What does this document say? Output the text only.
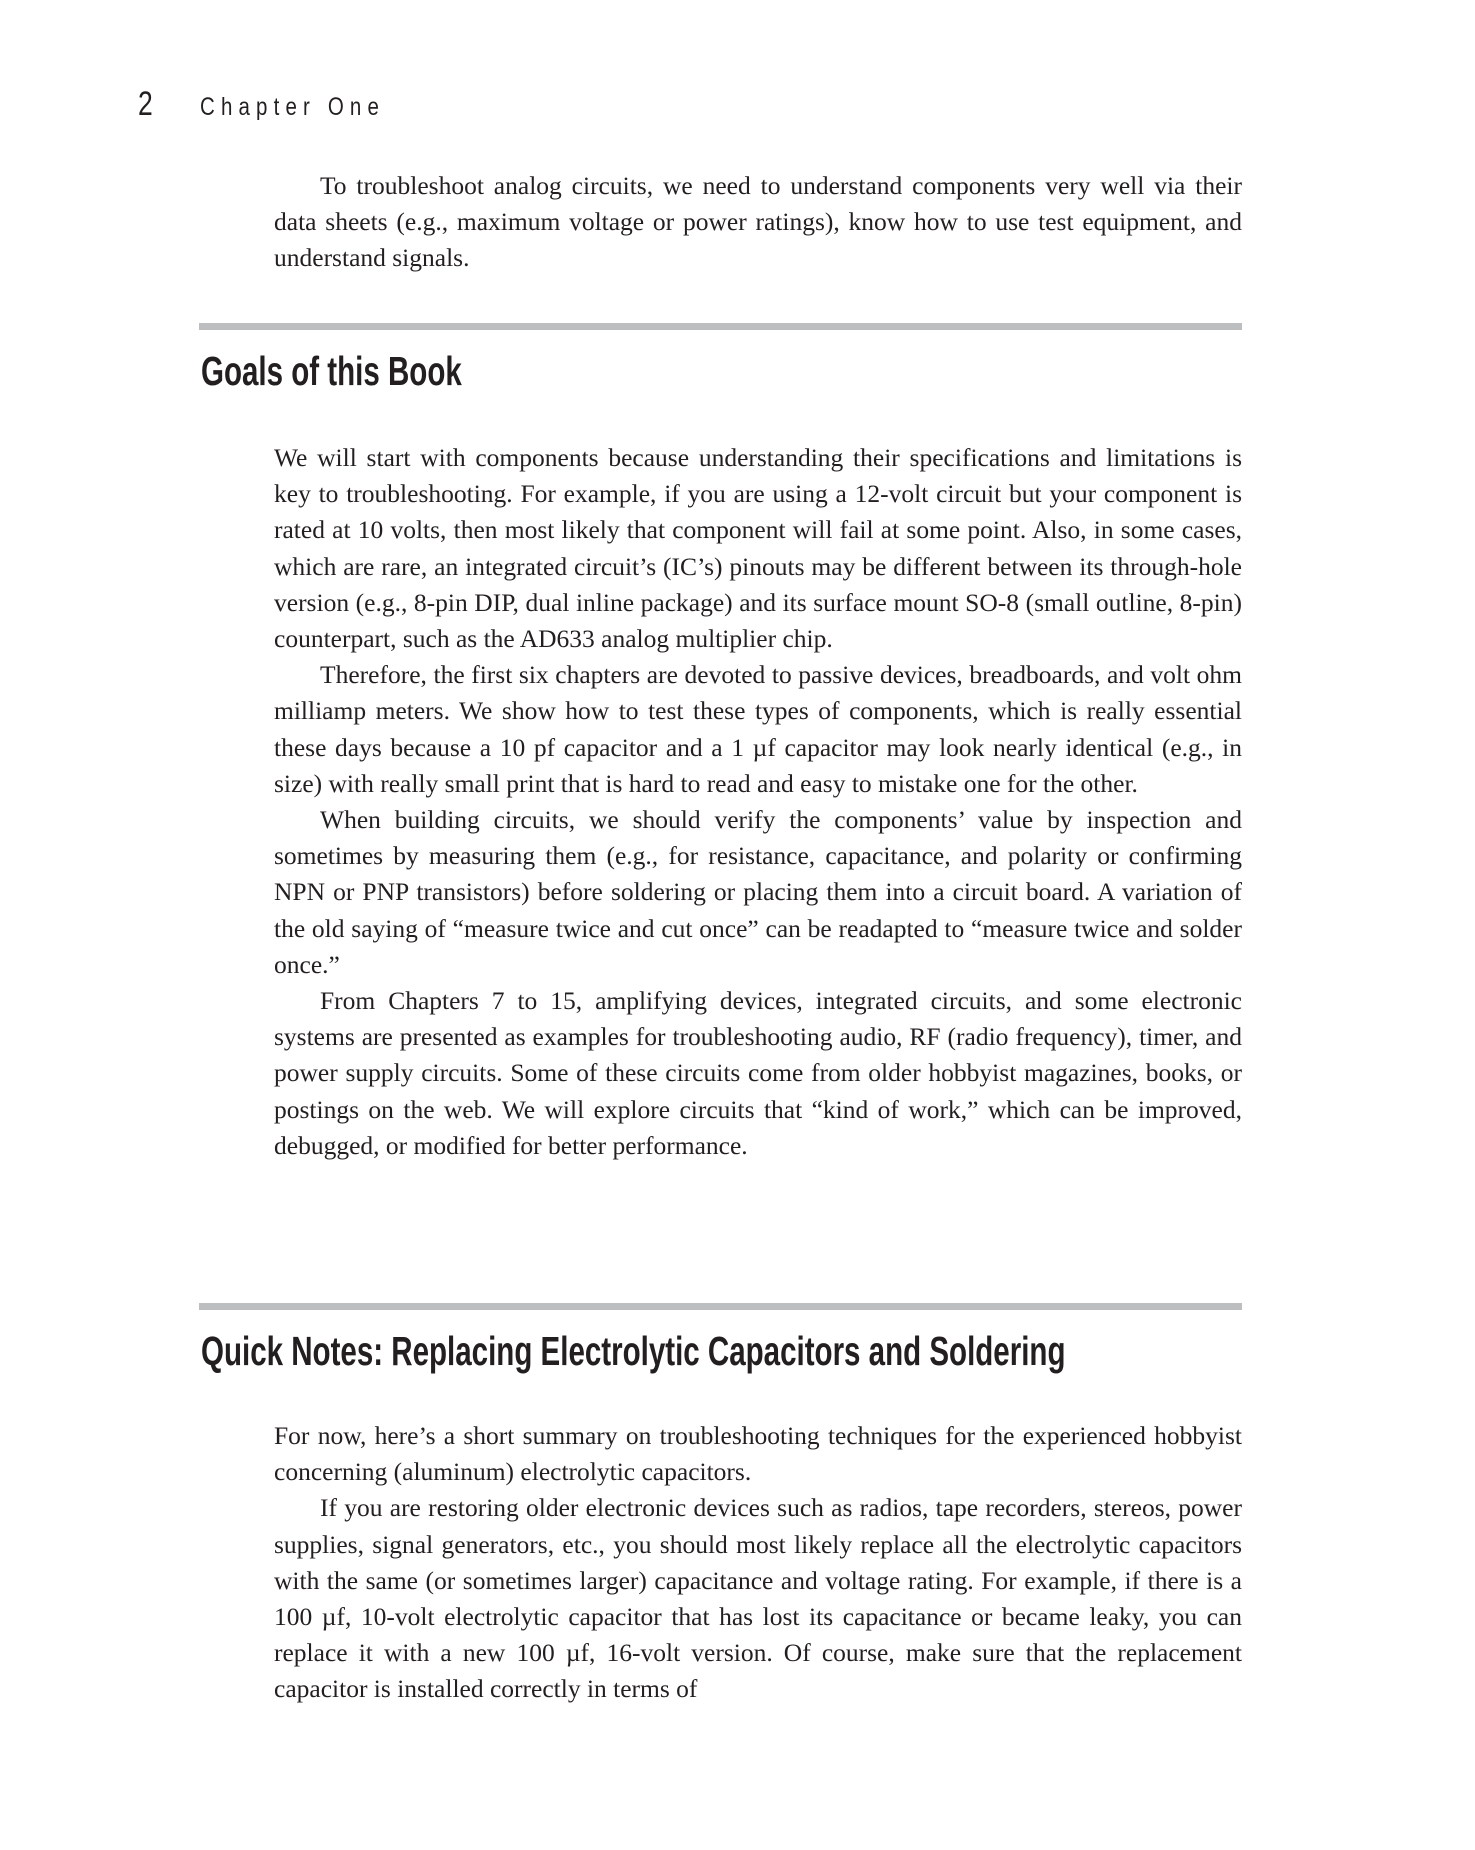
2 Chapter One

To troubleshoot analog circuits, we need to understand components very well via their data sheets (e.g., maximum voltage or power ratings), know how to use test equipment, and understand signals.

Goals of this Book

We will start with components because understanding their specifications and limitations is key to troubleshooting. For example, if you are using a 12-volt circuit but your component is rated at 10 volts, then most likely that component will fail at some point. Also, in some cases, which are rare, an integrated circuit’s (IC’s) pinouts may be different between its through-hole version (e.g., 8-pin DIP, dual inline package) and its surface mount SO-8 (small outline, 8-pin) counterpart, such as the AD633 analog multiplier chip.

Therefore, the first six chapters are devoted to passive devices, breadboards, and volt ohm milliamp meters. We show how to test these types of components, which is really essential these days because a 10 pf capacitor and a 1 µf capacitor may look nearly identical (e.g., in size) with really small print that is hard to read and easy to mistake one for the other.

When building circuits, we should verify the components’ value by inspection and sometimes by measuring them (e.g., for resistance, capacitance, and polarity or confirming NPN or PNP transistors) before soldering or placing them into a circuit board. A variation of the old saying of “measure twice and cut once” can be readapted to “measure twice and solder once.”

From Chapters 7 to 15, amplifying devices, integrated circuits, and some electronic systems are presented as examples for troubleshooting audio, RF (radio frequency), timer, and power supply circuits. Some of these circuits come from older hobbyist magazines, books, or postings on the web. We will explore circuits that “kind of work,” which can be improved, debugged, or modified for better performance.

Quick Notes: Replacing Electrolytic Capacitors and Soldering

For now, here’s a short summary on troubleshooting techniques for the experienced hobbyist concerning (aluminum) electrolytic capacitors.

If you are restoring older electronic devices such as radios, tape recorders, stereos, power supplies, signal generators, etc., you should most likely replace all the electrolytic capacitors with the same (or sometimes larger) capacitance and voltage rating. For example, if there is a 100 µf, 10-volt electrolytic capacitor that has lost its capacitance or became leaky, you can replace it with a new 100 µf, 16-volt version. Of course, make sure that the replacement capacitor is installed correctly in terms of
